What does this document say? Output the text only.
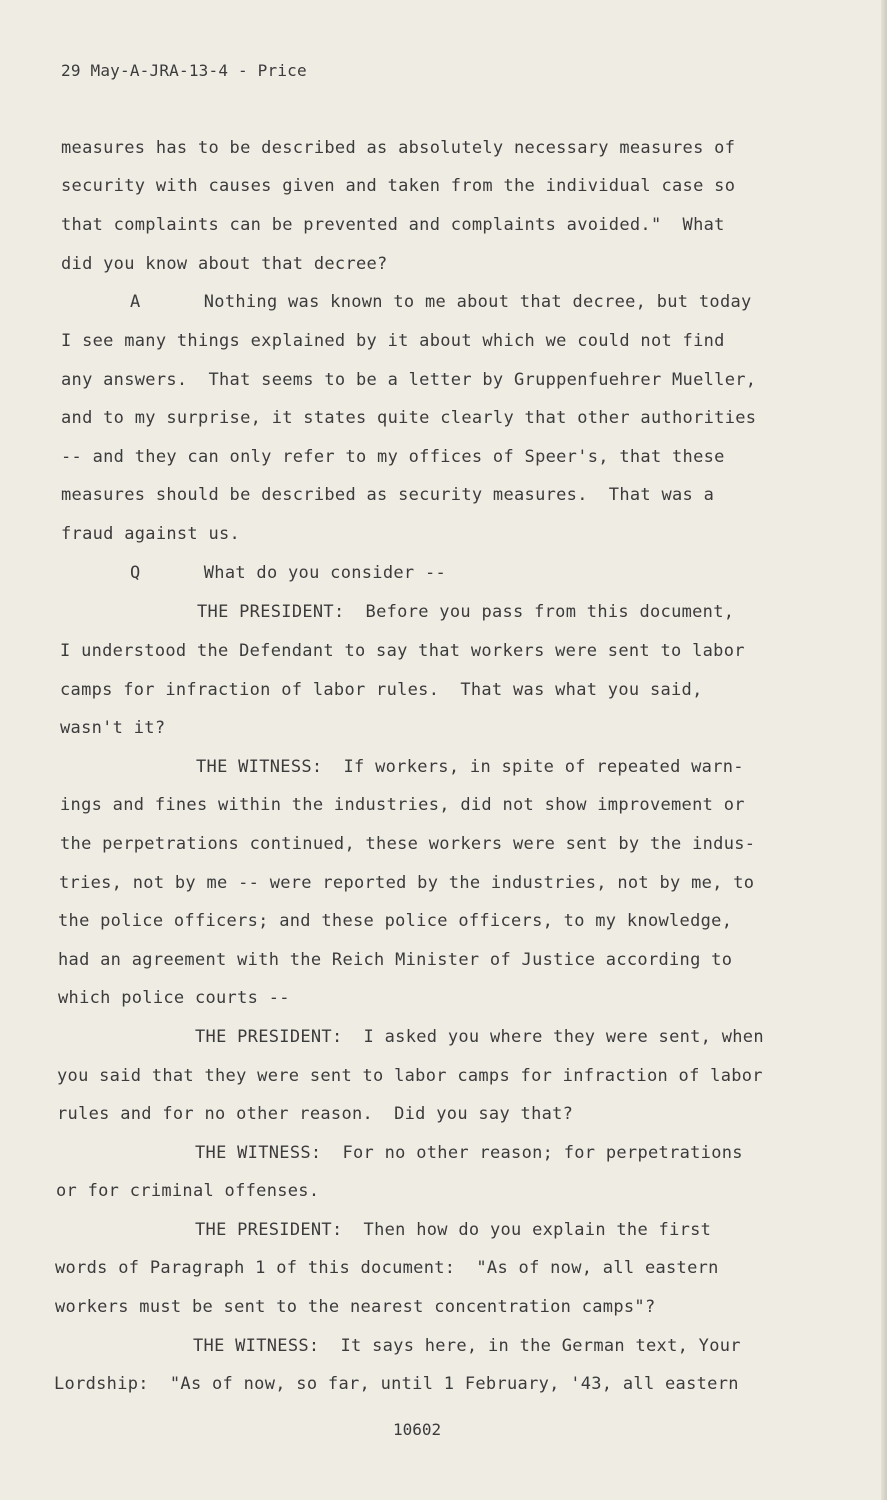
29 May-A-JRA-13-4 - Price
measures has to be described as absolutely necessary measures of
security with causes given and taken from the individual case so
that complaints can be prevented and complaints avoided."  What
did you know about that decree?
A      Nothing was known to me about that decree, but today
I see many things explained by it about which we could not find
any answers.  That seems to be a letter by Gruppenfuehrer Mueller,
and to my surprise, it states quite clearly that other authorities
-- and they can only refer to my offices of Speer's, that these
measures should be described as security measures.  That was a
fraud against us.
Q      What do you consider --
THE PRESIDENT:  Before you pass from this document,
I understood the Defendant to say that workers were sent to labor
camps for infraction of labor rules.  That was what you said,
wasn't it?
THE WITNESS:  If workers, in spite of repeated warn-
ings and fines within the industries, did not show improvement or
the perpetrations continued, these workers were sent by the indus-
tries, not by me -- were reported by the industries, not by me, to
the police officers; and these police officers, to my knowledge,
had an agreement with the Reich Minister of Justice according to
which police courts --
THE PRESIDENT:  I asked you where they were sent, when
you said that they were sent to labor camps for infraction of labor
rules and for no other reason.  Did you say that?
THE WITNESS:  For no other reason; for perpetrations
or for criminal offenses.
THE PRESIDENT:  Then how do you explain the first
words of Paragraph 1 of this document:  "As of now, all eastern
workers must be sent to the nearest concentration camps"?
THE WITNESS:  It says here, in the German text, Your
Lordship:  "As of now, so far, until 1 February, '43, all eastern
10602
